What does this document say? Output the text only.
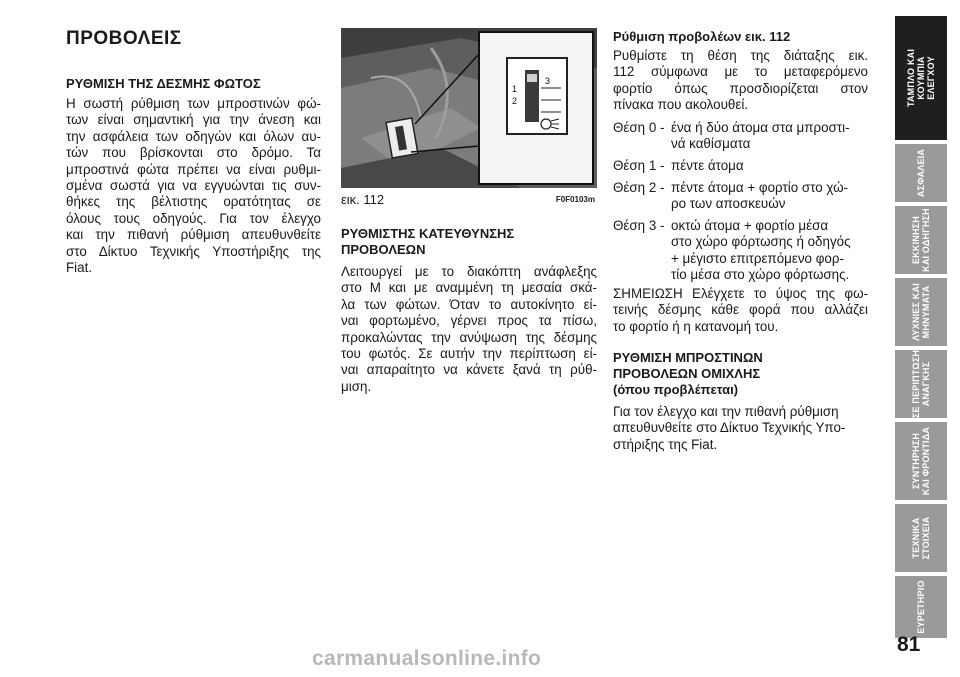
ΠΡΟΒΟΛΕΙΣ
ΡΥΘΜΙΣΗ ΤΗΣ ΔΕΣΜΗΣ ΦΩΤΟΣ
Η σωστή ρύθμιση των μπροστινών φώ-
των είναι σημαντική για την άνεση και
την ασφάλεια των οδηγών και όλων αυ-
τών που βρίσκονται στο δρόμο. Τα
μπροστινά φώτα πρέπει να είναι ρυθμι-
σμένα σωστά για να εγγυώνται τις συν-
θήκες της βέλτιστης ορατότητας σε
όλους τους οδηγούς. Για τον έλεγχο
και την πιθανή ρύθμιση απευθυνθείτε
στο Δίκτυο Τεχνικής Υποστήριξης της
Fiat.
1
2
3
εικ. 112	F0F0103m
ΡΥΘΜΙΣΤΗΣ ΚΑΤΕΥΘΥΝΣΗΣ
ΠΡΟΒΟΛΕΩΝ
Λειτουργεί με το διακόπτη ανάφλεξης
στο M και με αναμμένη τη μεσαία σκά-
λα των φώτων. Όταν το αυτοκίνητο εί-
ναι φορτωμένο, γέρνει προς τα πίσω,
προκαλώντας την ανύψωση της δέσμης
του φωτός. Σε αυτήν την περίπτωση εί-
ναι απαραίτητο να κάνετε ξανά τη ρύθ-
μιση.
Ρύθμιση προβολέων εικ. 112
Ρυθμίστε τη θέση της διάταξης εικ.
112 σύμφωνα με το μεταφερόμενο
φορτίο όπως προσδιορίζεται στον
πίνακα που ακολουθεί.
Θέση 0 - ένα ή δύο άτομα στα μπροστι-
νά καθίσματα
Θέση 1 - πέντε άτομα
Θέση 2 - πέντε άτομα + φορτίο στο χώ-
ρο των αποσκευών
Θέση 3 - οκτώ άτομα + φορτίο μέσα
στο χώρο φόρτωσης ή οδηγός
+ μέγιστο επιτρεπόμενο φορ-
τίο μέσα στο χώρο φόρτωσης.
ΣΗΜΕΙΩΣΗ Ελέγχετε το ύψος της φω-
τεινής δέσμης κάθε φορά που αλλάζει
το φορτίο ή η κατανομή του.
ΡΥΘΜΙΣΗ ΜΠΡΟΣΤΙΝΩΝ
ΠΡΟΒΟΛΕΩΝ ΟΜΙΧΛΗΣ
(όπου προβλέπεται)
Για τον έλεγχο και την πιθανή ρύθμιση
απευθυνθείτε στο Δίκτυο Τεχνικής Υπο-
στήριξης της Fiat.
ΤΑΜΠΛΟ ΚΑΙ ΚΟΥΜΠΙΑ ΕΛΕΓΧΟΥ
ΑΣΦΑΛΕΙΑ
ΕΚΚΙΝΗΣΗ ΚΑΙ ΟΔΗΓΗΣΗ
ΛΥΧΝΙΕΣ ΚΑΙ ΜΗΝΥΜΑΤΑ
ΣΕ ΠΕΡΙΠΤΩΣΗ ΑΝΑΓΚΗΣ
ΣΥΝΤΗΡΗΣΗ ΚΑΙ ΦΡΟΝΤΙΔΑ
ΤΕΧΝΙΚΑ ΣΤΟΙΧΕΙΑ
ΕΥΡΕΤΗΡΙΟ
81
carmanualsonline.info
